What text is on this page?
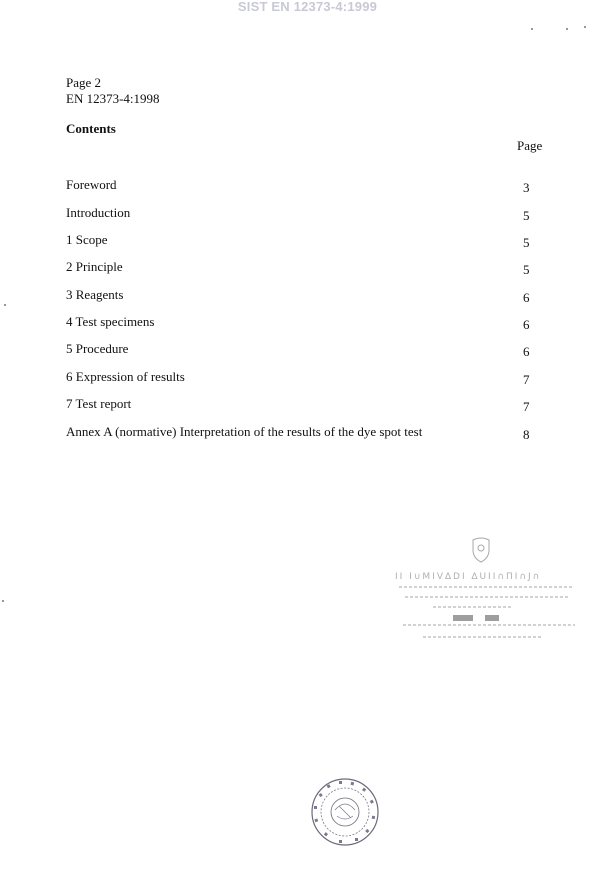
SIST EN 12373-4:1999
Page 2
EN 12373-4:1998
Contents
Page
Foreword	3
Introduction	5
1 Scope	5
2 Principle	5
3 Reagents	6
4 Test specimens	6
5 Procedure	6
6 Expression of results	7
7 Test report	7
Annex A (normative) Interpretation of the results of the dye spot test	8
II I∪MIV∆DI ∆UII∩ΠI∩J∩
